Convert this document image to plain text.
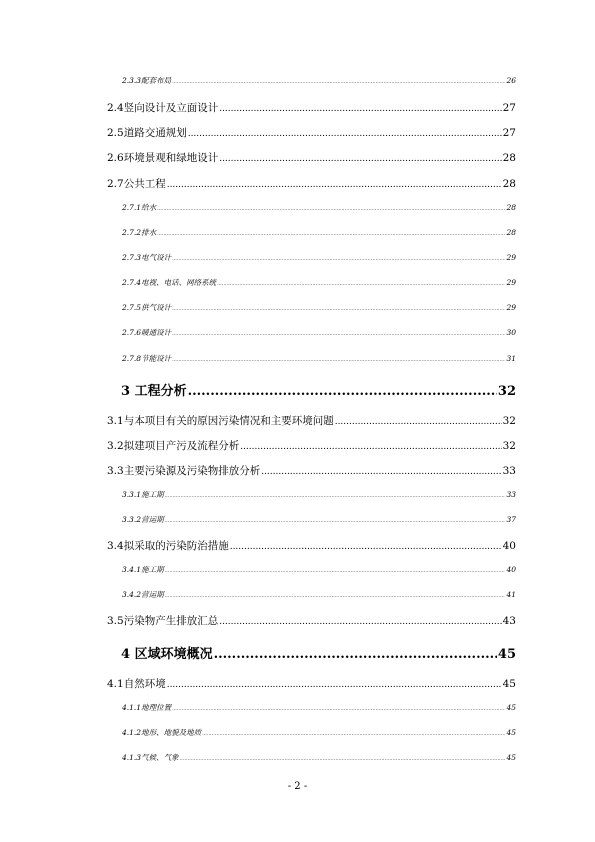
2.3.3配套布局 .....	26
2.4竖向设计及立面设计 .....	27
2.5道路交通规划 .....	27
2.6环境景观和绿地设计 .....	28
2.7公共工程 .....	28
2.7.1给水 .....	28
2.7.2排水 .....	28
2.7.3电气设计 .....	29
2.7.4电视、电话、网络系统 .....	29
2.7.5供气设计 .....	29
2.7.6暖通设计 .....	30
2.7.8节能设计 .....	31
3 工程分析 .....	32
3.1与本项目有关的原因污染情况和主要环境问题 .....	32
3.2拟建项目产污及流程分析 .....	32
3.3主要污染源及污染物排放分析 .....	33
3.3.1施工期 .....	33
3.3.2营运期 .....	37
3.4拟采取的污染防治措施 .....	40
3.4.1施工期 .....	40
3.4.2营运期 .....	41
3.5污染物产生排放汇总 .....	43
4 区域环境概况 .....	45
4.1自然环境 .....	45
4.1.1地理位置 .....	45
4.1.2地形、地貌及地质 .....	45
4.1.3气候、气象 .....	45
- 2 -
